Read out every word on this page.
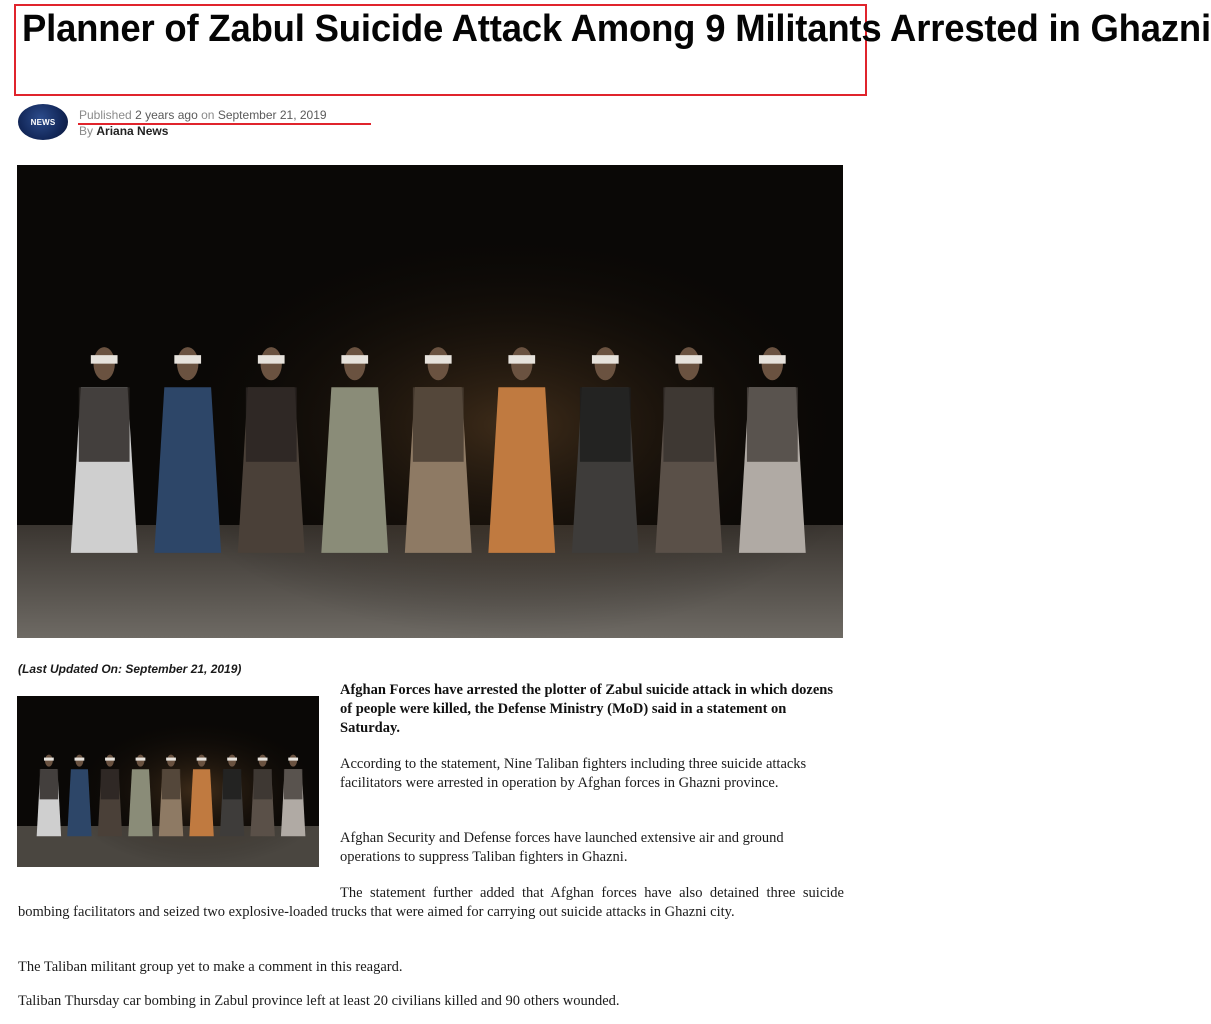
Planner of Zabul Suicide Attack Among 9 Militants Arrested in Ghazni
NEWS Published 2 years ago on September 21, 2019
By Ariana News
(Last Updated On: September 21, 2019)

Afghan Forces have arrested the plotter of Zabul suicide attack in which dozens of people were killed, the Defense Ministry (MoD) said in a statement on Saturday.

According to the statement, Nine Taliban fighters including three suicide attacks facilitators were arrested in operation by Afghan forces in Ghazni province.

Afghan Security and Defense forces have launched extensive air and ground operations to suppress Taliban fighters in Ghazni.

The statement further added that Afghan forces have also detained three suicide bombing facilitators and seized two explosive-loaded trucks that were aimed for carrying out suicide attacks in Ghazni city.

The Taliban militant group yet to make a comment in this reagard.

Taliban Thursday car bombing in Zabul province left at least 20 civilians killed and 90 others wounded.
